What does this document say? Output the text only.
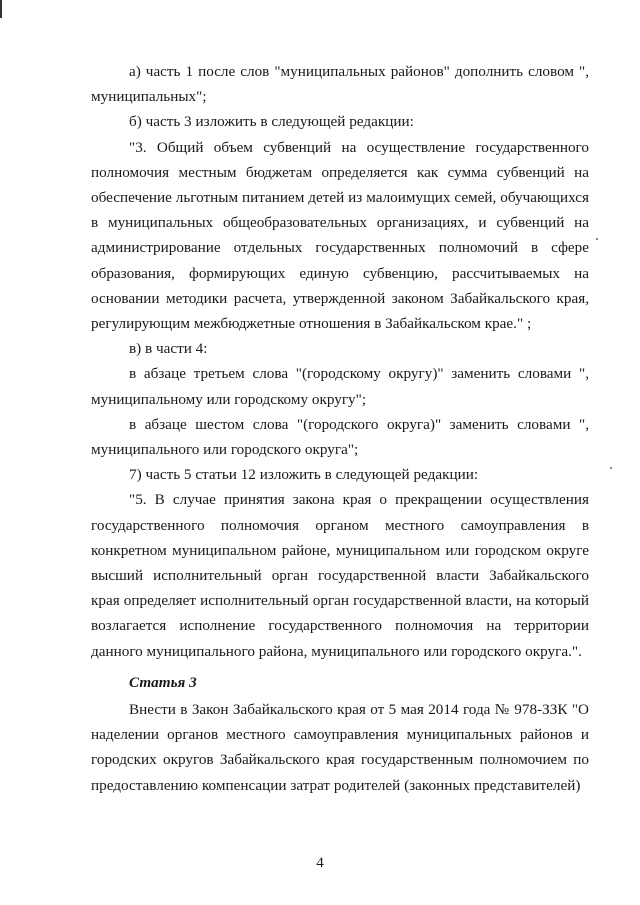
а) часть 1 после слов "муниципальных районов" дополнить словом ", муниципальных";

б) часть 3 изложить в следующей редакции:

"3. Общий объем субвенций на осуществление государственного полномочия местным бюджетам определяется как сумма субвенций на обеспечение льготным питанием детей из малоимущих семей, обучающихся в муниципальных общеобразовательных организациях, и субвенций на администрирование отдельных государственных полномочий в сфере образования, формирующих единую субвенцию, рассчитываемых на основании методики расчета, утвержденной законом Забайкальского края, регулирующим межбюджетные отношения в Забайкальском крае." ;

в) в части 4:

в абзаце третьем слова "(городскому округу)" заменить словами ", муниципальному или городскому округу";

в абзаце шестом слова "(городского округа)" заменить словами ", муниципального или городского округа";

7) часть 5 статьи 12 изложить в следующей редакции:

"5. В случае принятия закона края о прекращении осуществления государственного полномочия органом местного самоуправления в конкретном муниципальном районе, муниципальном или городском округе высший исполнительный орган государственной власти Забайкальского края определяет исполнительный орган государственной власти, на который возлагается исполнение государственного полномочия на территории данного муниципального района, муниципального или городского округа.".

Статья 3

Внести в Закон Забайкальского края от 5 мая 2014 года № 978-ЗЗК "О наделении органов местного самоуправления муниципальных районов и городских округов Забайкальского края государственным полномочием по предоставлению компенсации затрат родителей (законных представителей)

4
